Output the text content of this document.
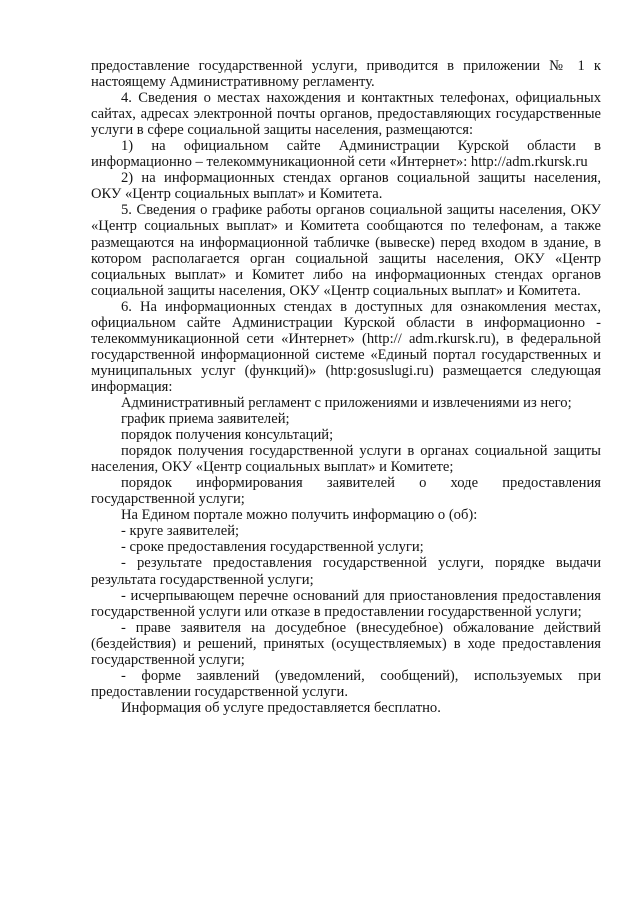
предоставление государственной услуги, приводится в приложении № 1 к настоящему Административному регламенту.

4. Сведения о местах нахождения и контактных телефонах, официальных сайтах, адресах электронной почты органов, предоставляющих государственные услуги в сфере социальной защиты населения, размещаются:

1) на официальном сайте Администрации Курской области в информационно – телекоммуникационной сети «Интернет»: http://adm.rkursk.ru

2) на информационных стендах органов социальной защиты населения, ОКУ «Центр социальных выплат» и Комитета.

5. Сведения о графике работы органов социальной защиты населения, ОКУ «Центр социальных выплат» и Комитета сообщаются по телефонам, а также размещаются на информационной табличке (вывеске) перед входом в здание, в котором располагается орган социальной защиты населения, ОКУ «Центр социальных выплат» и Комитет либо на информационных стендах органов социальной защиты населения, ОКУ «Центр социальных выплат» и Комитета.

6. На информационных стендах в доступных для ознакомления местах, официальном сайте Администрации Курской области в информационно - телекоммуникационной сети «Интернет» (http:// adm.rkursk.ru), в федеральной государственной информационной системе «Единый портал государственных и муниципальных услуг (функций)» (http:gosuslugi.ru) размещается следующая информация:

Административный регламент с приложениями и извлечениями из него;

график приема заявителей;

порядок получения консультаций;

порядок получения государственной услуги в органах социальной защиты населения, ОКУ «Центр социальных выплат» и Комитете;

порядок информирования заявителей о ходе предоставления государственной услуги;

На Едином портале можно получить информацию о (об):

- круге заявителей;

- сроке предоставления государственной услуги;

- результате предоставления государственной услуги, порядке выдачи результата государственной услуги;

- исчерпывающем перечне оснований для приостановления предоставления государственной услуги или отказе в предоставлении государственной услуги;

- праве заявителя на досудебное (внесудебное) обжалование действий (бездействия) и решений, принятых (осуществляемых) в ходе предоставления государственной услуги;

- форме заявлений (уведомлений, сообщений), используемых при предоставлении государственной услуги.

Информация об услуге предоставляется бесплатно.
